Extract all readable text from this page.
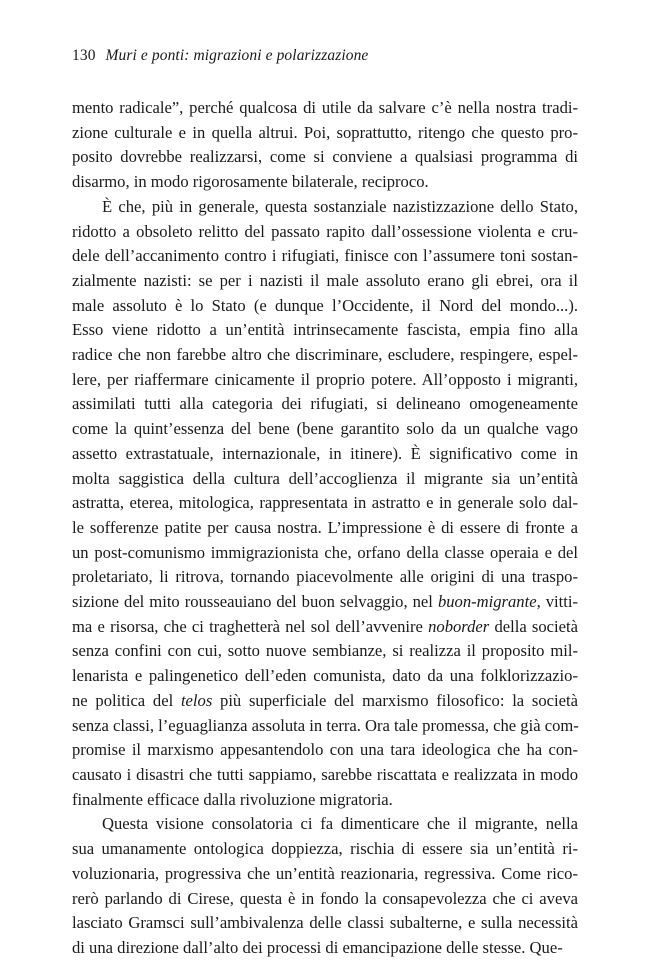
130 Muri e ponti: migrazioni e polarizzazione
mento radicale”, perché qualcosa di utile da salvare c’è nella nostra tradi-
zione culturale e in quella altrui. Poi, soprattutto, ritengo che questo pro-
posito dovrebbe realizzarsi, come si conviene a qualsiasi programma di
disarmo, in modo rigorosamente bilaterale, reciproco.
È che, più in generale, questa sostanziale nazistizzazione dello Stato,
ridotto a obsoleto relitto del passato rapito dall’ossessione violenta e cru-
dele dell’accanimento contro i rifugiati, finisce con l’assumere toni sostan-
zialmente nazisti: se per i nazisti il male assoluto erano gli ebrei, ora il
male assoluto è lo Stato (e dunque l’Occidente, il Nord del mondo...).
Esso viene ridotto a un’entità intrinsecamente fascista, empia fino alla
radice che non farebbe altro che discriminare, escludere, respingere, espel-
lere, per riaffermare cinicamente il proprio potere. All’opposto i migranti,
assimilati tutti alla categoria dei rifugiati, si delineano omogeneamente
come la quint’essenza del bene (bene garantito solo da un qualche vago
assetto extrastatuale, internazionale, in itinere). È significativo come in
molta saggistica della cultura dell’accoglienza il migrante sia un’entità
astratta, eterea, mitologica, rappresentata in astratto e in generale solo dal-
le sofferenze patite per causa nostra. L’impressione è di essere di fronte a
un post-comunismo immigrazionista che, orfano della classe operaia e del
proletariato, li ritrova, tornando piacevolmente alle origini di una traspo-
sizione del mito rousseauiano del buon selvaggio, nel buon-migrante, vitti-
ma e risorsa, che ci traghetterà nel sol dell’avvenire noborder della società
senza confini con cui, sotto nuove sembianze, si realizza il proposito mil-
lenarista e palingenetico dell’eden comunista, dato da una folklorizzazio-
ne politica del telos più superficiale del marxismo filosofico: la società
senza classi, l’eguaglianza assoluta in terra. Ora tale promessa, che già com-
promise il marxismo appesantendolo con una tara ideologica che ha con-
causato i disastri che tutti sappiamo, sarebbe riscattata e realizzata in modo
finalmente efficace dalla rivoluzione migratoria.
Questa visione consolatoria ci fa dimenticare che il migrante, nella
sua umanamente ontologica doppiezza, rischia di essere sia un’entità ri-
voluzionaria, progressiva che un’entità reazionaria, regressiva. Come rico-
rerò parlando di Cirese, questa è in fondo la consapevolezza che ci aveva
lasciato Gramsci sull’ambivalenza delle classi subalterne, e sulla necessità
di una direzione dall’alto dei processi di emancipazione delle stesse. Que-
